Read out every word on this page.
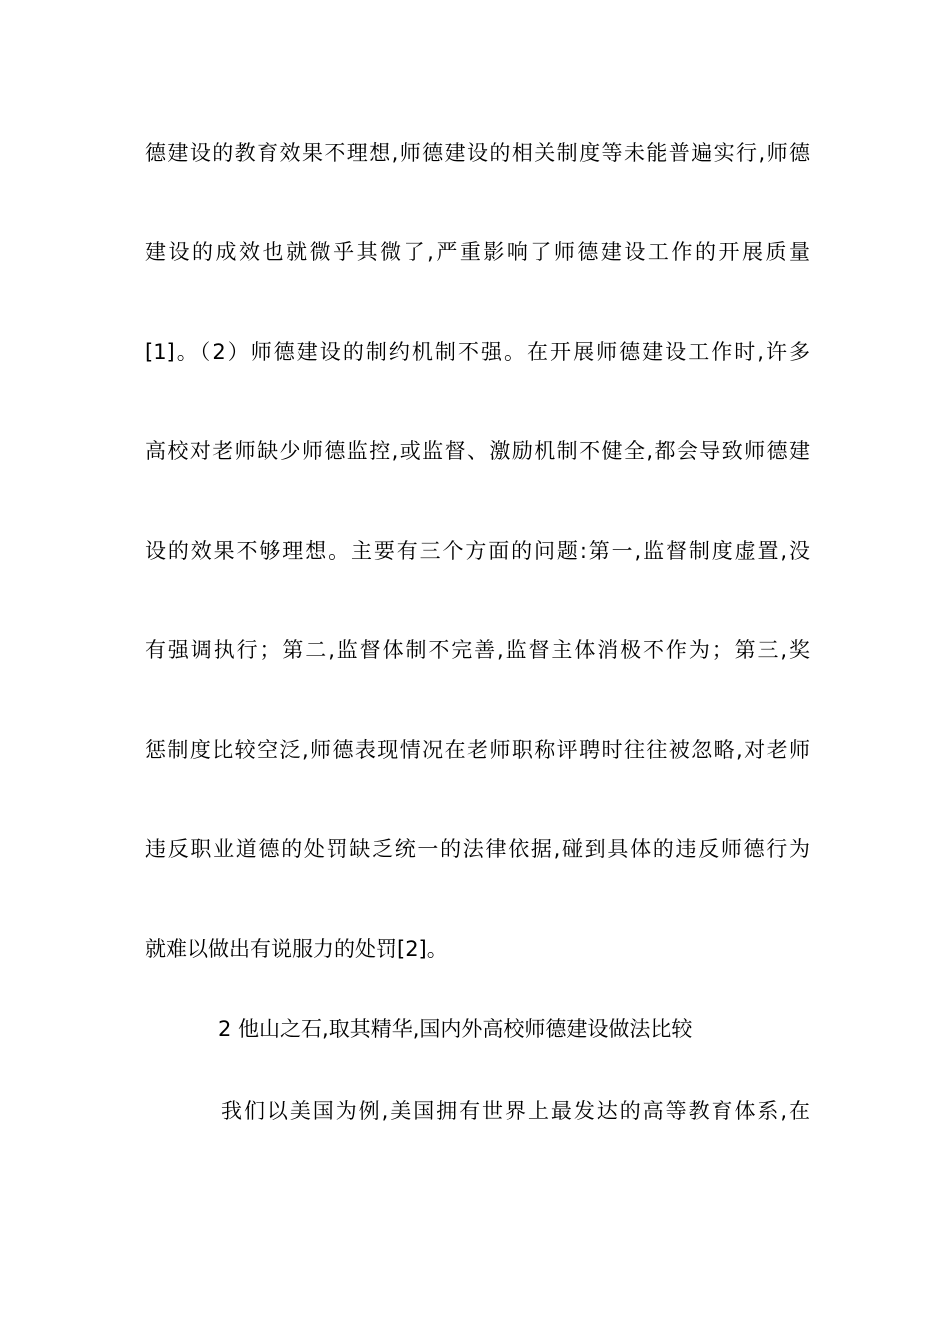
德建设的教育效果不理想,师德建设的相关制度等未能普遍实行,师德
建设的成效也就微乎其微了,严重影响了师德建设工作的开展质量
[1]。（2）师德建设的制约机制不强。在开展师德建设工作时,许多
高校对老师缺少师德监控,或监督、激励机制不健全,都会导致师德建
设的效果不够理想。主要有三个方面的问题:第一,监督制度虚置,没
有强调执行；第二,监督体制不完善,监督主体消极不作为；第三,奖
惩制度比较空泛,师德表现情况在老师职称评聘时往往被忽略,对老师
违反职业道德的处罚缺乏统一的法律依据,碰到具体的违反师德行为
就难以做出有说服力的处罚[2]。
2 他山之石,取其精华,国内外高校师德建设做法比较
我们以美国为例,美国拥有世界上最发达的高等教育体系,在
